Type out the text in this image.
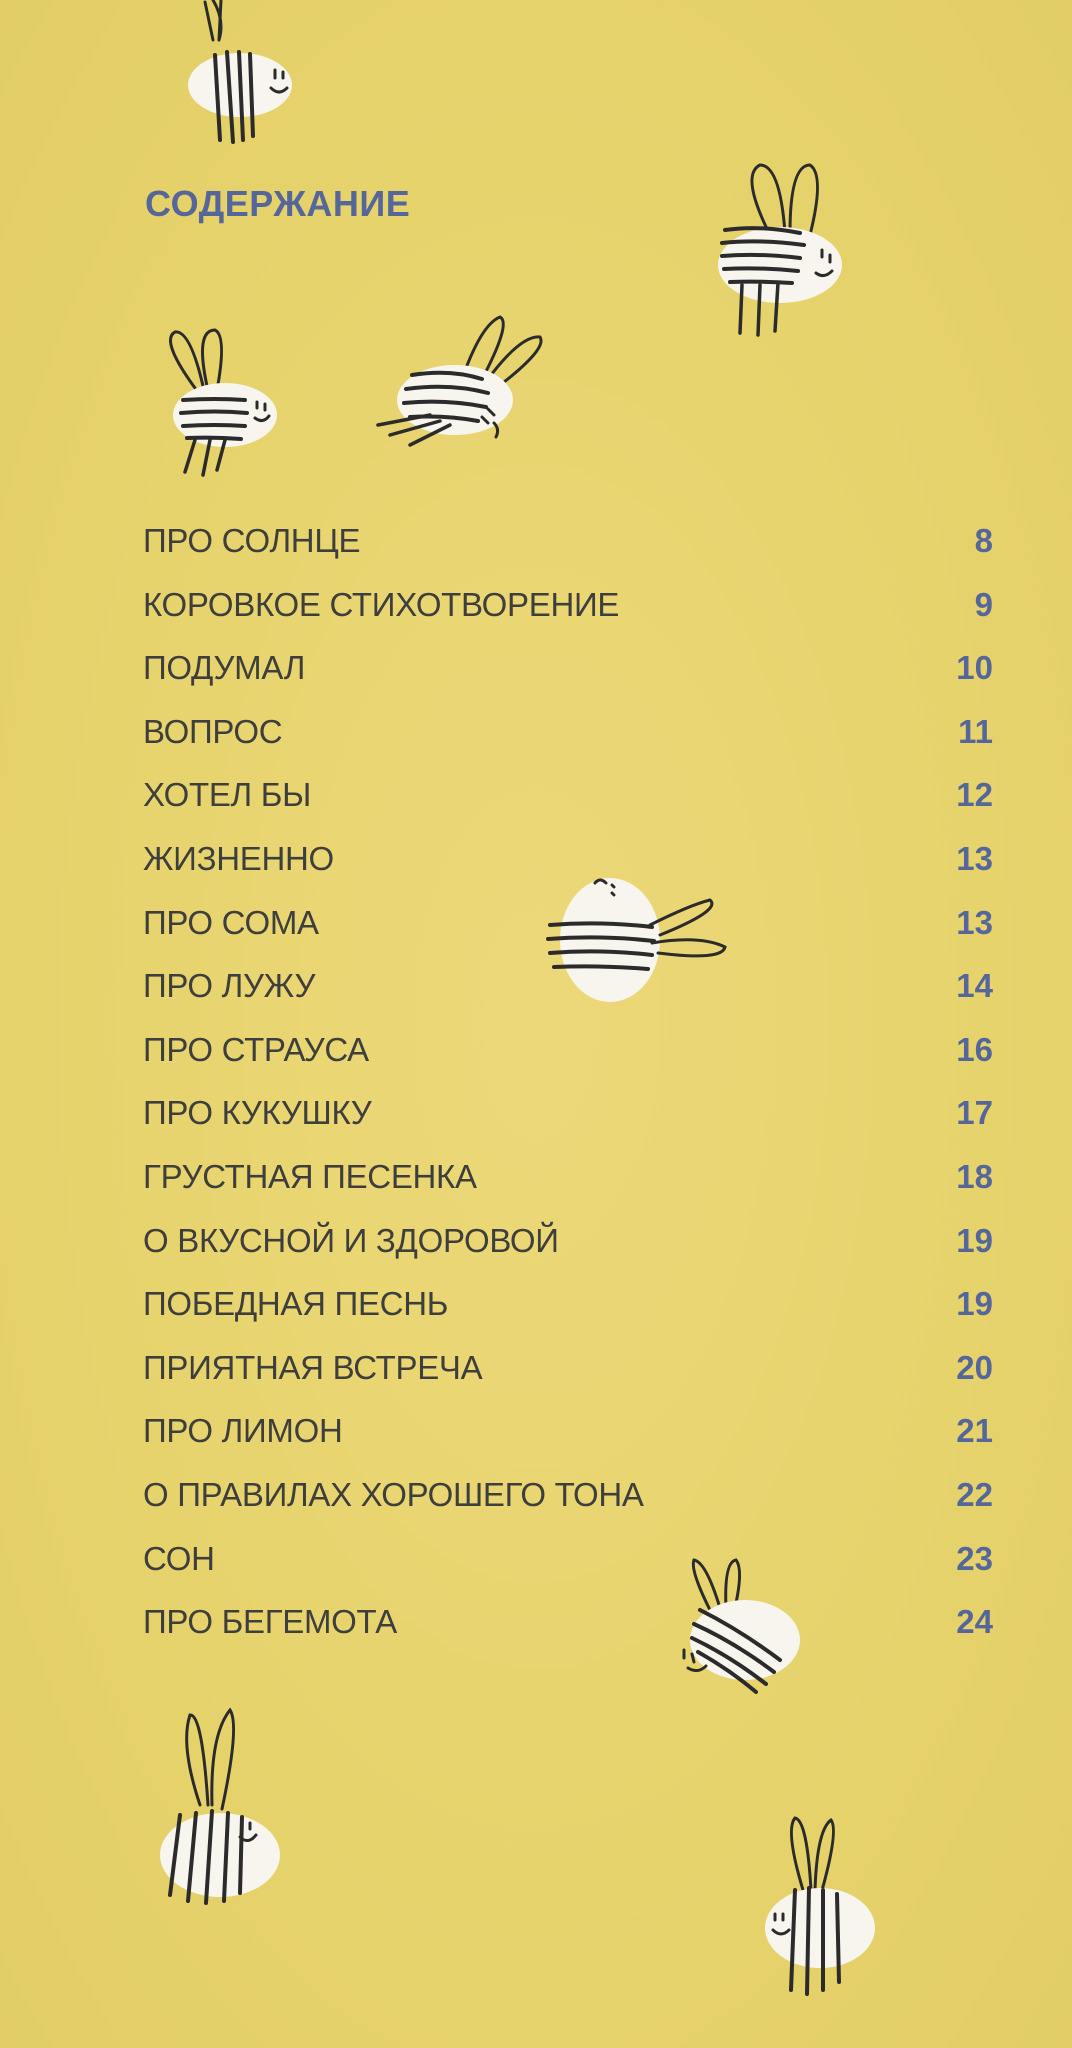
СОДЕРЖАНИЕ
ПРО СОЛНЦЕ	8
КОРОВКОЕ СТИХОТВОРЕНИЕ	9
ПОДУМАЛ	10
ВОПРОС	11
ХОТЕЛ БЫ	12
ЖИЗНЕННО	13
ПРО СОМА	13
ПРО ЛУЖУ	14
ПРО СТРАУСА	16
ПРО КУКУШКУ	17
ГРУСТНАЯ ПЕСЕНКА	18
О ВКУСНОЙ И ЗДОРОВОЙ	19
ПОБЕДНАЯ ПЕСНЬ	19
ПРИЯТНАЯ ВСТРЕЧА	20
ПРО ЛИМОН	21
О ПРАВИЛАХ ХОРОШЕГО ТОНА	22
СОН	23
ПРО БЕГЕМОТА	24
